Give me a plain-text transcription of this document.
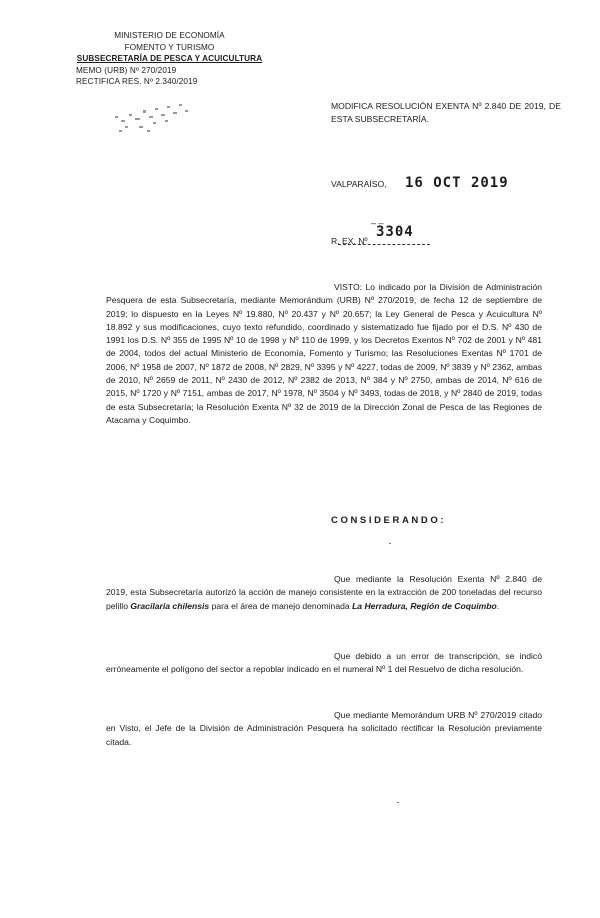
MINISTERIO DE ECONOMÍA
FOMENTO Y TURISMO
SUBSECRETARÍA DE PESCA Y ACUICULTURA
MEMO (URB) Nº 270/2019
RECTIFICA RES. Nº 2.340/2019
MODIFICA RESOLUCIÓN EXENTA Nº 2.840 DE 2019, DE ESTA SUBSECRETARÍA.
VALPARAÍSO, 16 OCT 2019
– –
R. EX. Nº 3304
VISTO: Lo indicado por la División de Administración Pesquera de esta Subsecretaría, mediante Memorándum (URB) Nº 270/2019, de fecha 12 de septiembre de 2019; lo dispuesto en la Leyes Nº 19.880, Nº 20.437 y Nº 20.657; la Ley General de Pesca y Acuicultura Nº 18.892 y sus modificaciones, cuyo texto refundido, coordinado y sistematizado fue fijado por el D.S. Nº 430 de 1991 los D.S. Nº 355 de 1995 Nº 10 de 1998 y Nº 110 de 1999, y los Decretos Exentos Nº 702 de 2001 y Nº 481 de 2004, todos del actual Ministerio de Economía, Fomento y Turismo; las Resoluciones Exentas Nº 1701 de 2006, Nº 1958 de 2007, Nº 1872 de 2008, Nº 2829, Nº 3395 y Nº 4227, todas de 2009, Nº 3839 y Nº 2362, ambas de 2010, Nº 2659 de 2011, Nº 2430 de 2012, Nº 2382 de 2013, Nº 384 y Nº 2750, ambas de 2014, Nº 616 de 2015, Nº 1720 y Nº 7151, ambas de 2017, Nº 1978, Nº 3504 y Nº 3493, todas de 2018, y Nº 2840 de 2019, todas de esta Subsecretaría; la Resolución Exenta Nº 32 de 2019 de la Dirección Zonal de Pesca de las Regiones de Atacama y Coquimbo.
CONSIDERANDO:
Que mediante la Resolución Exenta Nº 2.840 de 2019, esta Subsecretaría autorizó la acción de manejo consistente en la extracción de 200 toneladas del recurso pelillo Gracilaria chilensis para el área de manejo denominada La Herradura, Región de Coquimbo.
Que debido a un error de transcripción, se indicó erróneamente el polígono del sector a repoblar indicado en el numeral Nº 1 del Resuelvo de dicha resolución.
Que mediante Memorándum URB Nº 270/2019 citado en Visto, el Jefe de la División de Administración Pesquera ha solicitado rectificar la Resolución previamente citada.
